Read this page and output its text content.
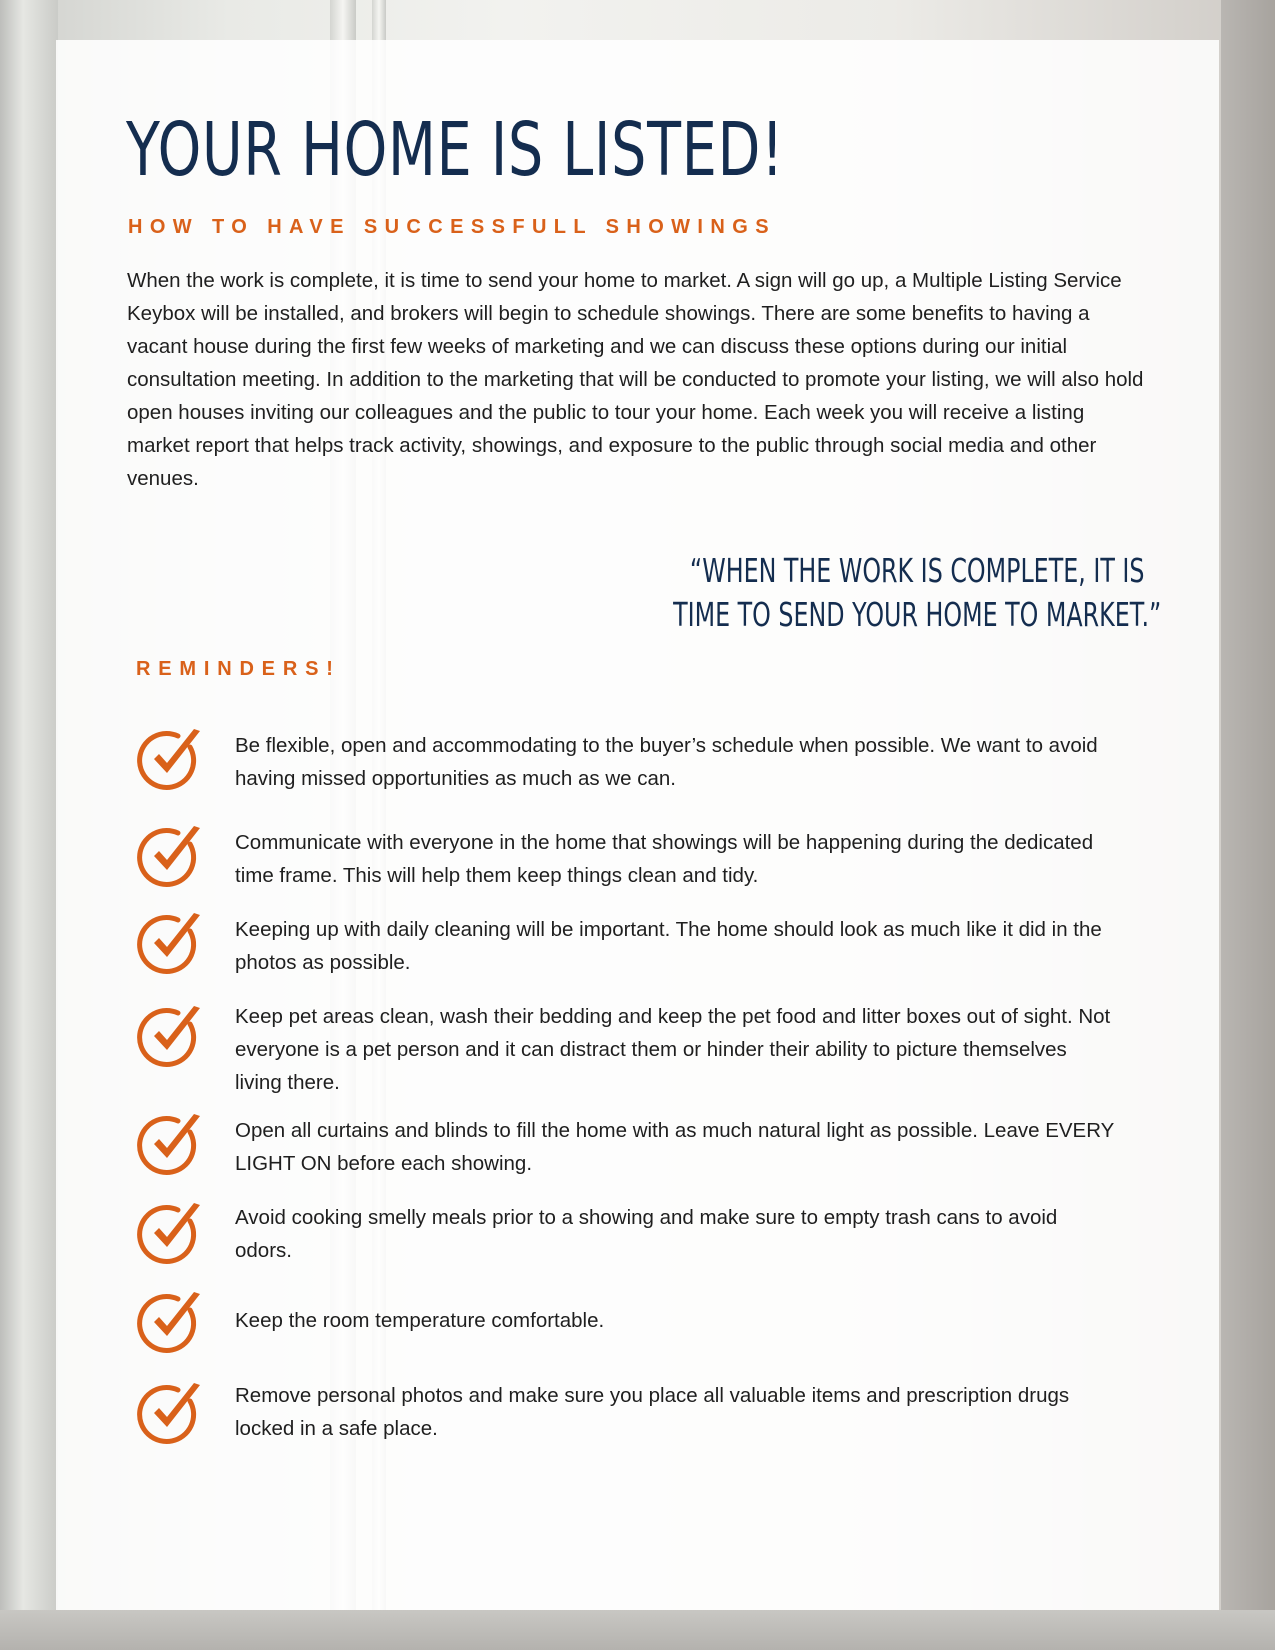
YOUR HOME IS LISTED!
HOW TO HAVE SUCCESSFULL SHOWINGS

When the work is complete, it is time to send your home to market. A sign will go up, a Multiple Listing Service Keybox will be installed, and brokers will begin to schedule showings. There are some benefits to having a vacant house during the first few weeks of marketing and we can discuss these options during our initial consultation meeting. In addition to the marketing that will be conducted to promote your listing, we will also hold open houses inviting our colleagues and the public to tour your home. Each week you will receive a listing market report that helps track activity, showings, and exposure to the public through social media and other venues.

“WHEN THE WORK IS COMPLETE, IT IS
TIME TO SEND YOUR HOME TO MARKET.”
REMINDERS!

Be flexible, open and accommodating to the buyer’s schedule when possible. We want to avoid having missed opportunities as much as we can.

Communicate with everyone in the home that showings will be happening during the dedicated time frame. This will help them keep things clean and tidy.

Keeping up with daily cleaning will be important. The home should look as much like it did in the photos as possible.

Keep pet areas clean, wash their bedding and keep the pet food and litter boxes out of sight. Not everyone is a pet person and it can distract them or hinder their ability to picture themselves living there.

Open all curtains and blinds to fill the home with as much natural light as possible. Leave EVERY LIGHT ON before each showing.

Avoid cooking smelly meals prior to a showing and make sure to empty trash cans to avoid odors.

Keep the room temperature comfortable.

Remove personal photos and make sure you place all valuable items and prescription drugs locked in a safe place.
